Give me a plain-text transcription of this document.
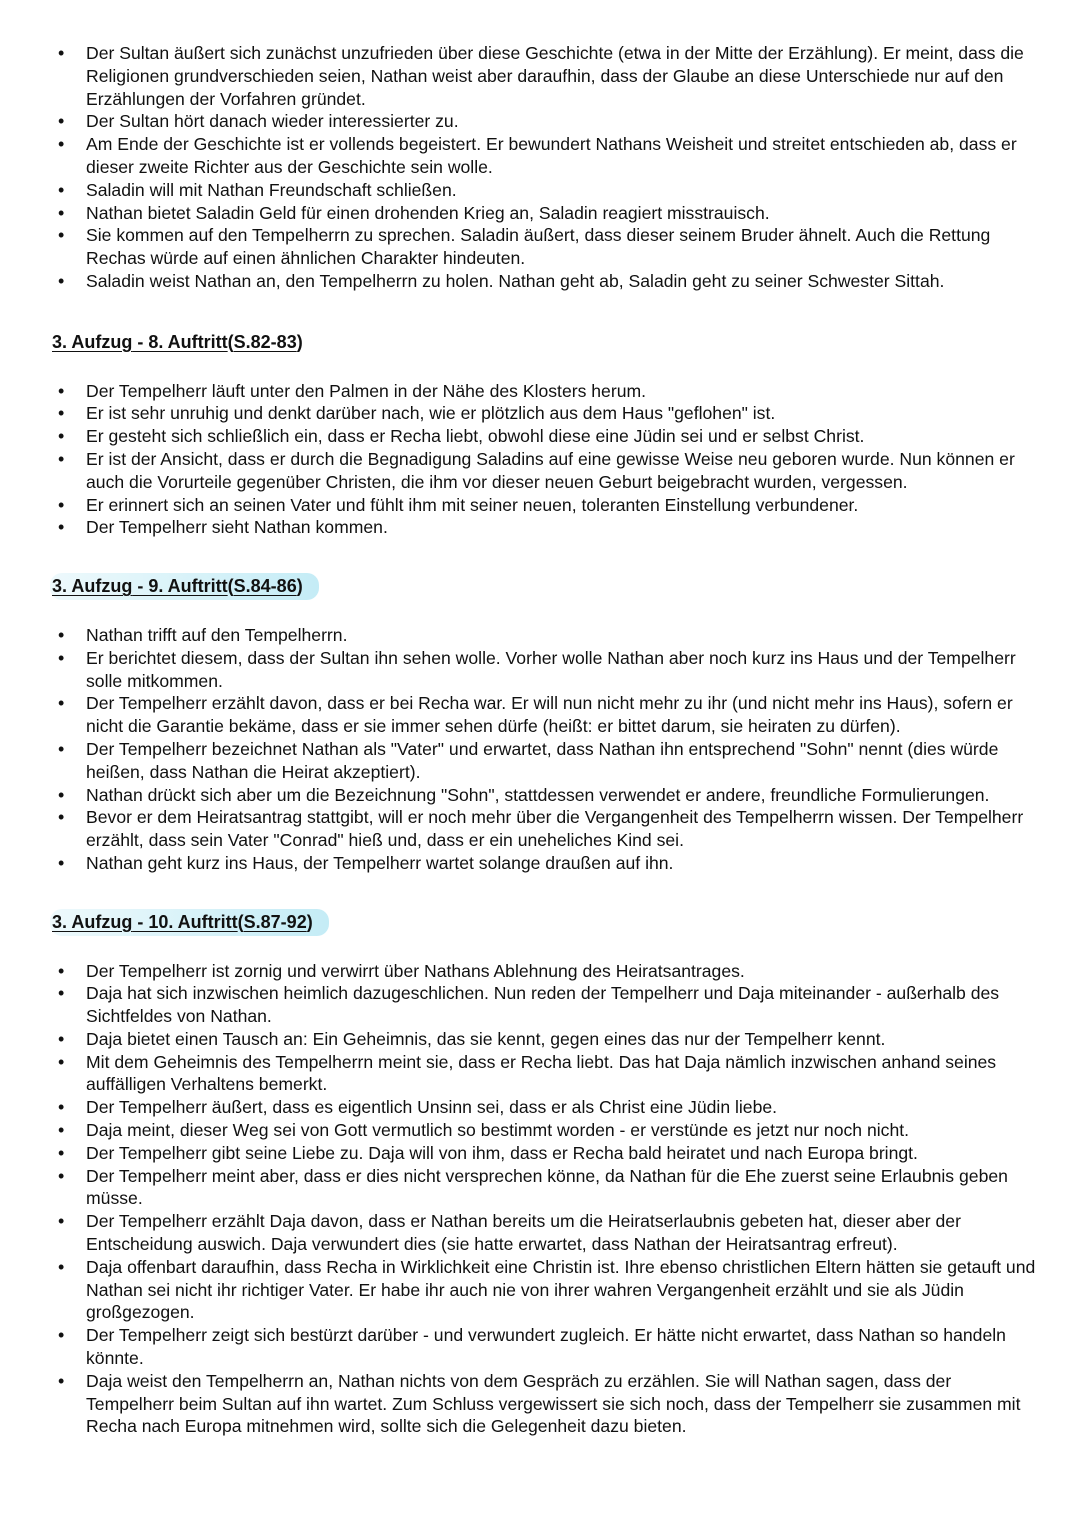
• Der Sultan äußert sich zunächst unzufrieden über diese Geschichte (etwa in der Mitte der Erzählung). Er meint, dass die Religionen grundverschieden seien, Nathan weist aber daraufhin, dass der Glaube an diese Unterschiede nur auf den Erzählungen der Vorfahren gründet.
• Der Sultan hört danach wieder interessierter zu.
• Am Ende der Geschichte ist er vollends begeistert. Er bewundert Nathans Weisheit und streitet entschieden ab, dass er dieser zweite Richter aus der Geschichte sein wolle.
• Saladin will mit Nathan Freundschaft schließen.
• Nathan bietet Saladin Geld für einen drohenden Krieg an, Saladin reagiert misstrauisch.
• Sie kommen auf den Tempelherrn zu sprechen. Saladin äußert, dass dieser seinem Bruder ähnelt. Auch die Rettung Rechas würde auf einen ähnlichen Charakter hindeuten.
• Saladin weist Nathan an, den Tempelherrn zu holen. Nathan geht ab, Saladin geht zu seiner Schwester Sittah.
3. Aufzug - 8. Auftritt(S.82-83)
• Der Tempelherr läuft unter den Palmen in der Nähe des Klosters herum.
• Er ist sehr unruhig und denkt darüber nach, wie er plötzlich aus dem Haus "geflohen" ist.
• Er gesteht sich schließlich ein, dass er Recha liebt, obwohl diese eine Jüdin sei und er selbst Christ.
• Er ist der Ansicht, dass er durch die Begnadigung Saladins auf eine gewisse Weise neu geboren wurde. Nun können er auch die Vorurteile gegenüber Christen, die ihm vor dieser neuen Geburt beigebracht wurden, vergessen.
• Er erinnert sich an seinen Vater und fühlt ihm mit seiner neuen, toleranten Einstellung verbundener.
• Der Tempelherr sieht Nathan kommen.
3. Aufzug - 9. Auftritt(S.84-86)
• Nathan trifft auf den Tempelherrn.
• Er berichtet diesem, dass der Sultan ihn sehen wolle. Vorher wolle Nathan aber noch kurz ins Haus und der Tempelherr solle mitkommen.
• Der Tempelherr erzählt davon, dass er bei Recha war. Er will nun nicht mehr zu ihr (und nicht mehr ins Haus), sofern er nicht die Garantie bekäme, dass er sie immer sehen dürfe (heißt: er bittet darum, sie heiraten zu dürfen).
• Der Tempelherr bezeichnet Nathan als "Vater" und erwartet, dass Nathan ihn entsprechend "Sohn" nennt (dies würde heißen, dass Nathan die Heirat akzeptiert).
• Nathan drückt sich aber um die Bezeichnung "Sohn", stattdessen verwendet er andere, freundliche Formulierungen.
• Bevor er dem Heiratsantrag stattgibt, will er noch mehr über die Vergangenheit des Tempelherrn wissen. Der Tempelherr erzählt, dass sein Vater "Conrad" hieß und, dass er ein uneheliches Kind sei.
• Nathan geht kurz ins Haus, der Tempelherr wartet solange draußen auf ihn.
3. Aufzug - 10. Auftritt(S.87-92)
• Der Tempelherr ist zornig und verwirrt über Nathans Ablehnung des Heiratsantrages.
• Daja hat sich inzwischen heimlich dazugeschlichen. Nun reden der Tempelherr und Daja miteinander - außerhalb des Sichtfeldes von Nathan.
• Daja bietet einen Tausch an: Ein Geheimnis, das sie kennt, gegen eines das nur der Tempelherr kennt.
• Mit dem Geheimnis des Tempelherrn meint sie, dass er Recha liebt. Das hat Daja nämlich inzwischen anhand seines auffälligen Verhaltens bemerkt.
• Der Tempelherr äußert, dass es eigentlich Unsinn sei, dass er als Christ eine Jüdin liebe.
• Daja meint, dieser Weg sei von Gott vermutlich so bestimmt worden - er verstünde es jetzt nur noch nicht.
• Der Tempelherr gibt seine Liebe zu. Daja will von ihm, dass er Recha bald heiratet und nach Europa bringt.
• Der Tempelherr meint aber, dass er dies nicht versprechen könne, da Nathan für die Ehe zuerst seine Erlaubnis geben müsse.
• Der Tempelherr erzählt Daja davon, dass er Nathan bereits um die Heiratserlaubnis gebeten hat, dieser aber der Entscheidung auswich. Daja verwundert dies (sie hatte erwartet, dass Nathan der Heiratsantrag erfreut).
• Daja offenbart daraufhin, dass Recha in Wirklichkeit eine Christin ist. Ihre ebenso christlichen Eltern hätten sie getauft und Nathan sei nicht ihr richtiger Vater. Er habe ihr auch nie von ihrer wahren Vergangenheit erzählt und sie als Jüdin großgezogen.
• Der Tempelherr zeigt sich bestürzt darüber - und verwundert zugleich. Er hätte nicht erwartet, dass Nathan so handeln könnte.
• Daja weist den Tempelherrn an, Nathan nichts von dem Gespräch zu erzählen. Sie will Nathan sagen, dass der Tempelherr beim Sultan auf ihn wartet. Zum Schluss vergewissert sie sich noch, dass der Tempelherr sie zusammen mit Recha nach Europa mitnehmen wird, sollte sich die Gelegenheit dazu bieten.
